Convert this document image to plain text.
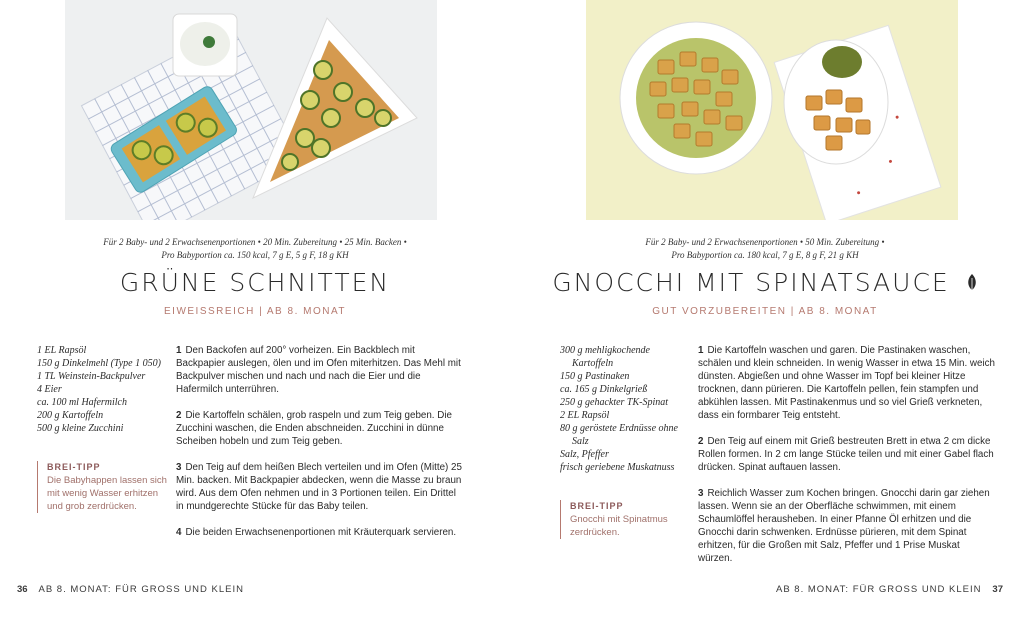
Für 2 Baby- und 2 Erwachsenenportionen • 20 Min. Zubereitung • 25 Min. Backen •
Pro Babyportion ca. 150 kcal, 7 g E, 5 g F, 18 g KH
GRÜNE SCHNITTEN
EIWEISSREICH | AB 8. MONAT
1 EL Rapsöl
150 g Dinkelmehl (Type 1 050)
1 TL Weinstein-Backpulver
4 Eier
ca. 100 ml Hafermilch
200 g Kartoffeln
500 g kleine Zucchini
BREI-TIPP
Die Babyhappen lassen sich mit wenig Wasser erhitzen und grob zerdrücken.
1 Den Backofen auf 200° vorheizen. Ein Backblech mit Backpapier auslegen, ölen und im Ofen miterhitzen. Das Mehl mit Backpulver mischen und nach und nach die Eier und die Hafermilch unterrühren.
2 Die Kartoffeln schälen, grob raspeln und zum Teig geben. Die Zucchini waschen, die Enden abschneiden. Zucchini in dünne Scheiben hobeln und zum Teig geben.
3 Den Teig auf dem heißen Blech verteilen und im Ofen (Mitte) 25 Min. backen. Mit Backpapier abdecken, wenn die Masse zu braun wird. Aus dem Ofen nehmen und in 3 Portionen teilen. Ein Drittel in mundgerechte Stücke für das Baby teilen.
4 Die beiden Erwachsenenportionen mit Kräuterquark servieren.
36 AB 8. MONAT: FÜR GROSS UND KLEIN
Für 2 Baby- und 2 Erwachsenenportionen • 50 Min. Zubereitung •
Pro Babyportion ca. 180 kcal, 7 g E, 8 g F, 21 g KH
GNOCCHI MIT SPINATSAUCE
GUT VORZUBEREITEN | AB 8. MONAT
300 g mehligkochende
Kartoffeln
150 g Pastinaken
ca. 165 g Dinkelgrieß
250 g gehackter TK-Spinat
2 EL Rapsöl
80 g geröstete Erdnüsse ohne
Salz
Salz, Pfeffer
frisch geriebene Muskatnuss
BREI-TIPP
Gnocchi mit Spinatmus zerdrücken.
1 Die Kartoffeln waschen und garen. Die Pastinaken waschen, schälen und klein schneiden. In wenig Wasser in etwa 15 Min. weich dünsten. Abgießen und ohne Wasser im Topf bei kleiner Hitze trocknen, dann pürieren. Die Kartoffeln pellen, fein stampfen und abkühlen lassen. Mit Pastinakenmus und so viel Grieß verkneten, dass ein formbarer Teig entsteht.
2 Den Teig auf einem mit Grieß bestreuten Brett in etwa 2 cm dicke Rollen formen. In 2 cm lange Stücke teilen und mit einer Gabel flach drücken. Spinat auftauen lassen.
3 Reichlich Wasser zum Kochen bringen. Gnocchi darin gar ziehen lassen. Wenn sie an der Oberfläche schwimmen, mit einem Schaumlöffel herausheben. In einer Pfanne Öl erhitzen und die Gnocchi darin schwenken. Erdnüsse pürieren, mit dem Spinat erhitzen, für die Großen mit Salz, Pfeffer und 1 Prise Muskat würzen.
AB 8. MONAT: FÜR GROSS UND KLEIN 37
